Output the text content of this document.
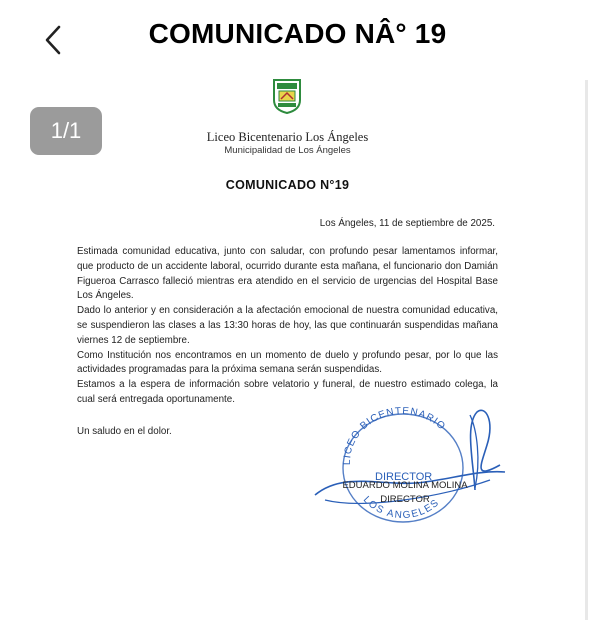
COMUNICADO NÂ° 19
1/1	Liceo Bicentenario Los Ángeles
Municipalidad de Los Ángeles
COMUNICADO N°19
Los Ángeles, 11 de septiembre de 2025.

Estimada comunidad educativa, junto con saludar, con profundo pesar lamentamos informar, que producto de un accidente laboral, ocurrido durante esta mañana, el funcionario don Damián Figueroa Carrasco falleció mientras era atendido en el servicio de urgencias del Hospital Base Los Ángeles.

Dado lo anterior y en consideración a la afectación emocional de nuestra comunidad educativa, se suspendieron las clases a las 13:30 horas de hoy, las que continuarán suspendidas mañana viernes 12 de septiembre.

Como Institución nos encontramos en un momento de duelo y profundo pesar, por lo que las actividades programadas para la próxima semana serán suspendidas.

Estamos a la espera de información sobre velatorio y funeral, de nuestro estimado colega, la cual será entregada oportunamente.

Un saludo en el dolor.
LICEO BICENTENARIO
LOS ANGELES
DIRECTOR
EDUARDO MOLINA MOLINA
DIRECTOR
